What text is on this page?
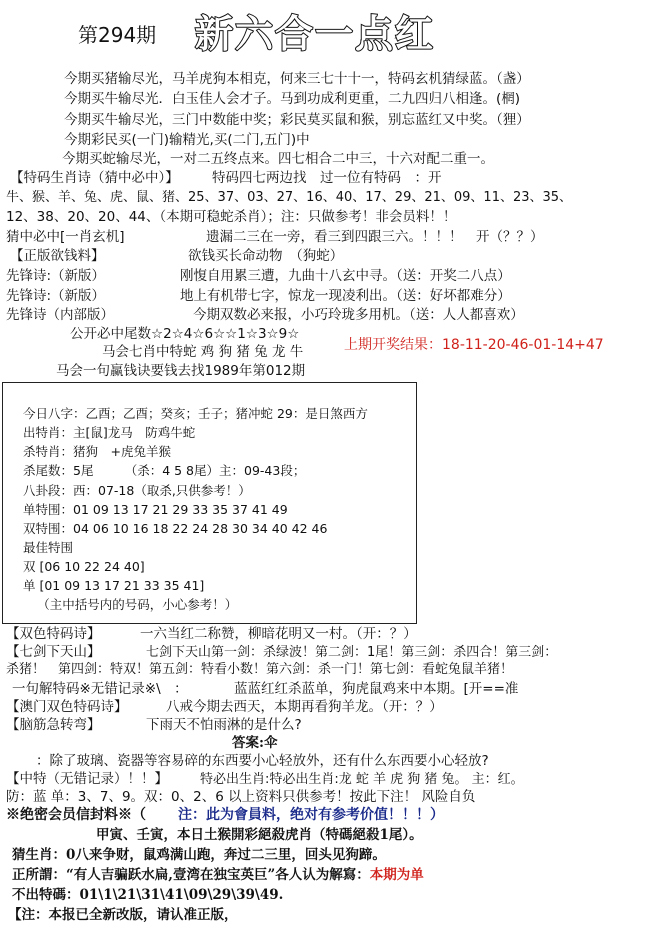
第294期 新六合一点红
今期买猪输尽光，马羊虎狗本相克，何来三七十十一，特码玄机猜绿蓝。（盏）
今期买牛输尽光．白玉佳人会才子。马到功成利更重，二九四归八相逢。(棢)
今期买牛输尽光，三门中数能中奖；彩民莫买鼠和猴，别忘蓝红又中奖。（狸）
今期彩民买(一门)输精光,买(二门,五门)中
今期买蛇输尽光，一对二五终点来。四七相合二中三，十六对配二重一。
【特码生肖诗（猜中必中）】 特码四七两边找　过一位有特码　：开
牛、猴、羊、兔、虎、鼠、猪、25、37、03、27、16、40、17、29、21、09、11、23、35、
12、38、20、20、44、（本期可稳蛇杀肖）；注：只做参考！非会员料！！
猜中必中[一肖玄机]	遗漏二三在一旁，看三到四跟三六。！！！　开（？？）
【正版欲钱料】	欲钱买长命动物　（狗蛇）
先锋诗:（新版）	刚愎自用累三遭，九曲十八玄中寻。（送：开奖二八点）
先锋诗:（新版）	地上有机带七字，惊龙一现凌利出。（送：好坏都难分）
先锋诗（内部版）	今期双数必来报，小巧玲珑多用机。（送：人人都喜欢）
公开必中尾数☆2☆4☆6☆☆1☆3☆9☆
马会七肖中特蛇 鸡 狗 猪 兔 龙 牛	上期开奖结果：18-11-20-46-01-14+47
马会一句赢钱诀要钱去找1989年第012期
今日八字：乙酉；乙酉；癸亥；壬子；猪冲蛇 29：是日煞西方
出特肖：主[鼠]龙马　防鸡牛蛇
杀特肖：猪狗　+虎兔羊猴
杀尾数：5尾　　　（杀：4 5 8尾）主：09-43段；
八卦段：西：07-18（取杀,只供参考！）
单特围：01 09 13 17 21 29 33 35 37 41 49
双特围：04 06 10 16 18 22 24 28 30 34 40 42 46
最佳特围
双 [06 10 22 24 40]
单 [01 09 13 17 21 33 35 41]
　（主中括号内的号码，小心参考！）
【双色特码诗】	一六当红二称赞，柳暗花明又一村。（开：？）
【七剑下天山】	七剑下天山第一剑：杀绿波！第二剑：1尾！第三剑：杀四合！第三剑：
杀猪！　第四剑：特双！第五剑：特看小数！第六剑：杀一门！第七剑：看蛇兔鼠羊猪！
一句解特码※无错记录※\　：	蓝蓝红红杀蓝单，狗虎鼠鸡来中本期。[开==准
【澳门双色特码诗】	八戒今期去西天，本期再看狗羊龙。（开：？）
【脑筋急转弯】	下雨天不怕雨淋的是什么?
答案:伞
：除了玻璃、瓷器等容易碎的东西要小心轻放外，还有什么东西要小心轻放?
【中特（无错记录）！！】 特必出生肖:特必出生肖:龙 蛇 羊 虎 狗 猪 兔。 主：红。
防：蓝 单：3、7、9。双：0、2、6 以上资料只供参考！按此下注！ 风险自负
※绝密会员信封料※（ 注：此为會員料，绝对有参考价值！！！）
甲寅、壬寅，本日土猴開彩絕殺虎肖（特碼絕殺1尾）。
猜生肖：0八来争财，鼠鸡满山跑，奔过二三里，回头见狗蹄。
正所謂：“有人吉骗跃水扁,壹湾在独宝英巨”各人认为解寫：本期为单
不出特碼：01\1\21\31\41\09\29\39\49.
【注：本报已全新改版，请认准正版，
